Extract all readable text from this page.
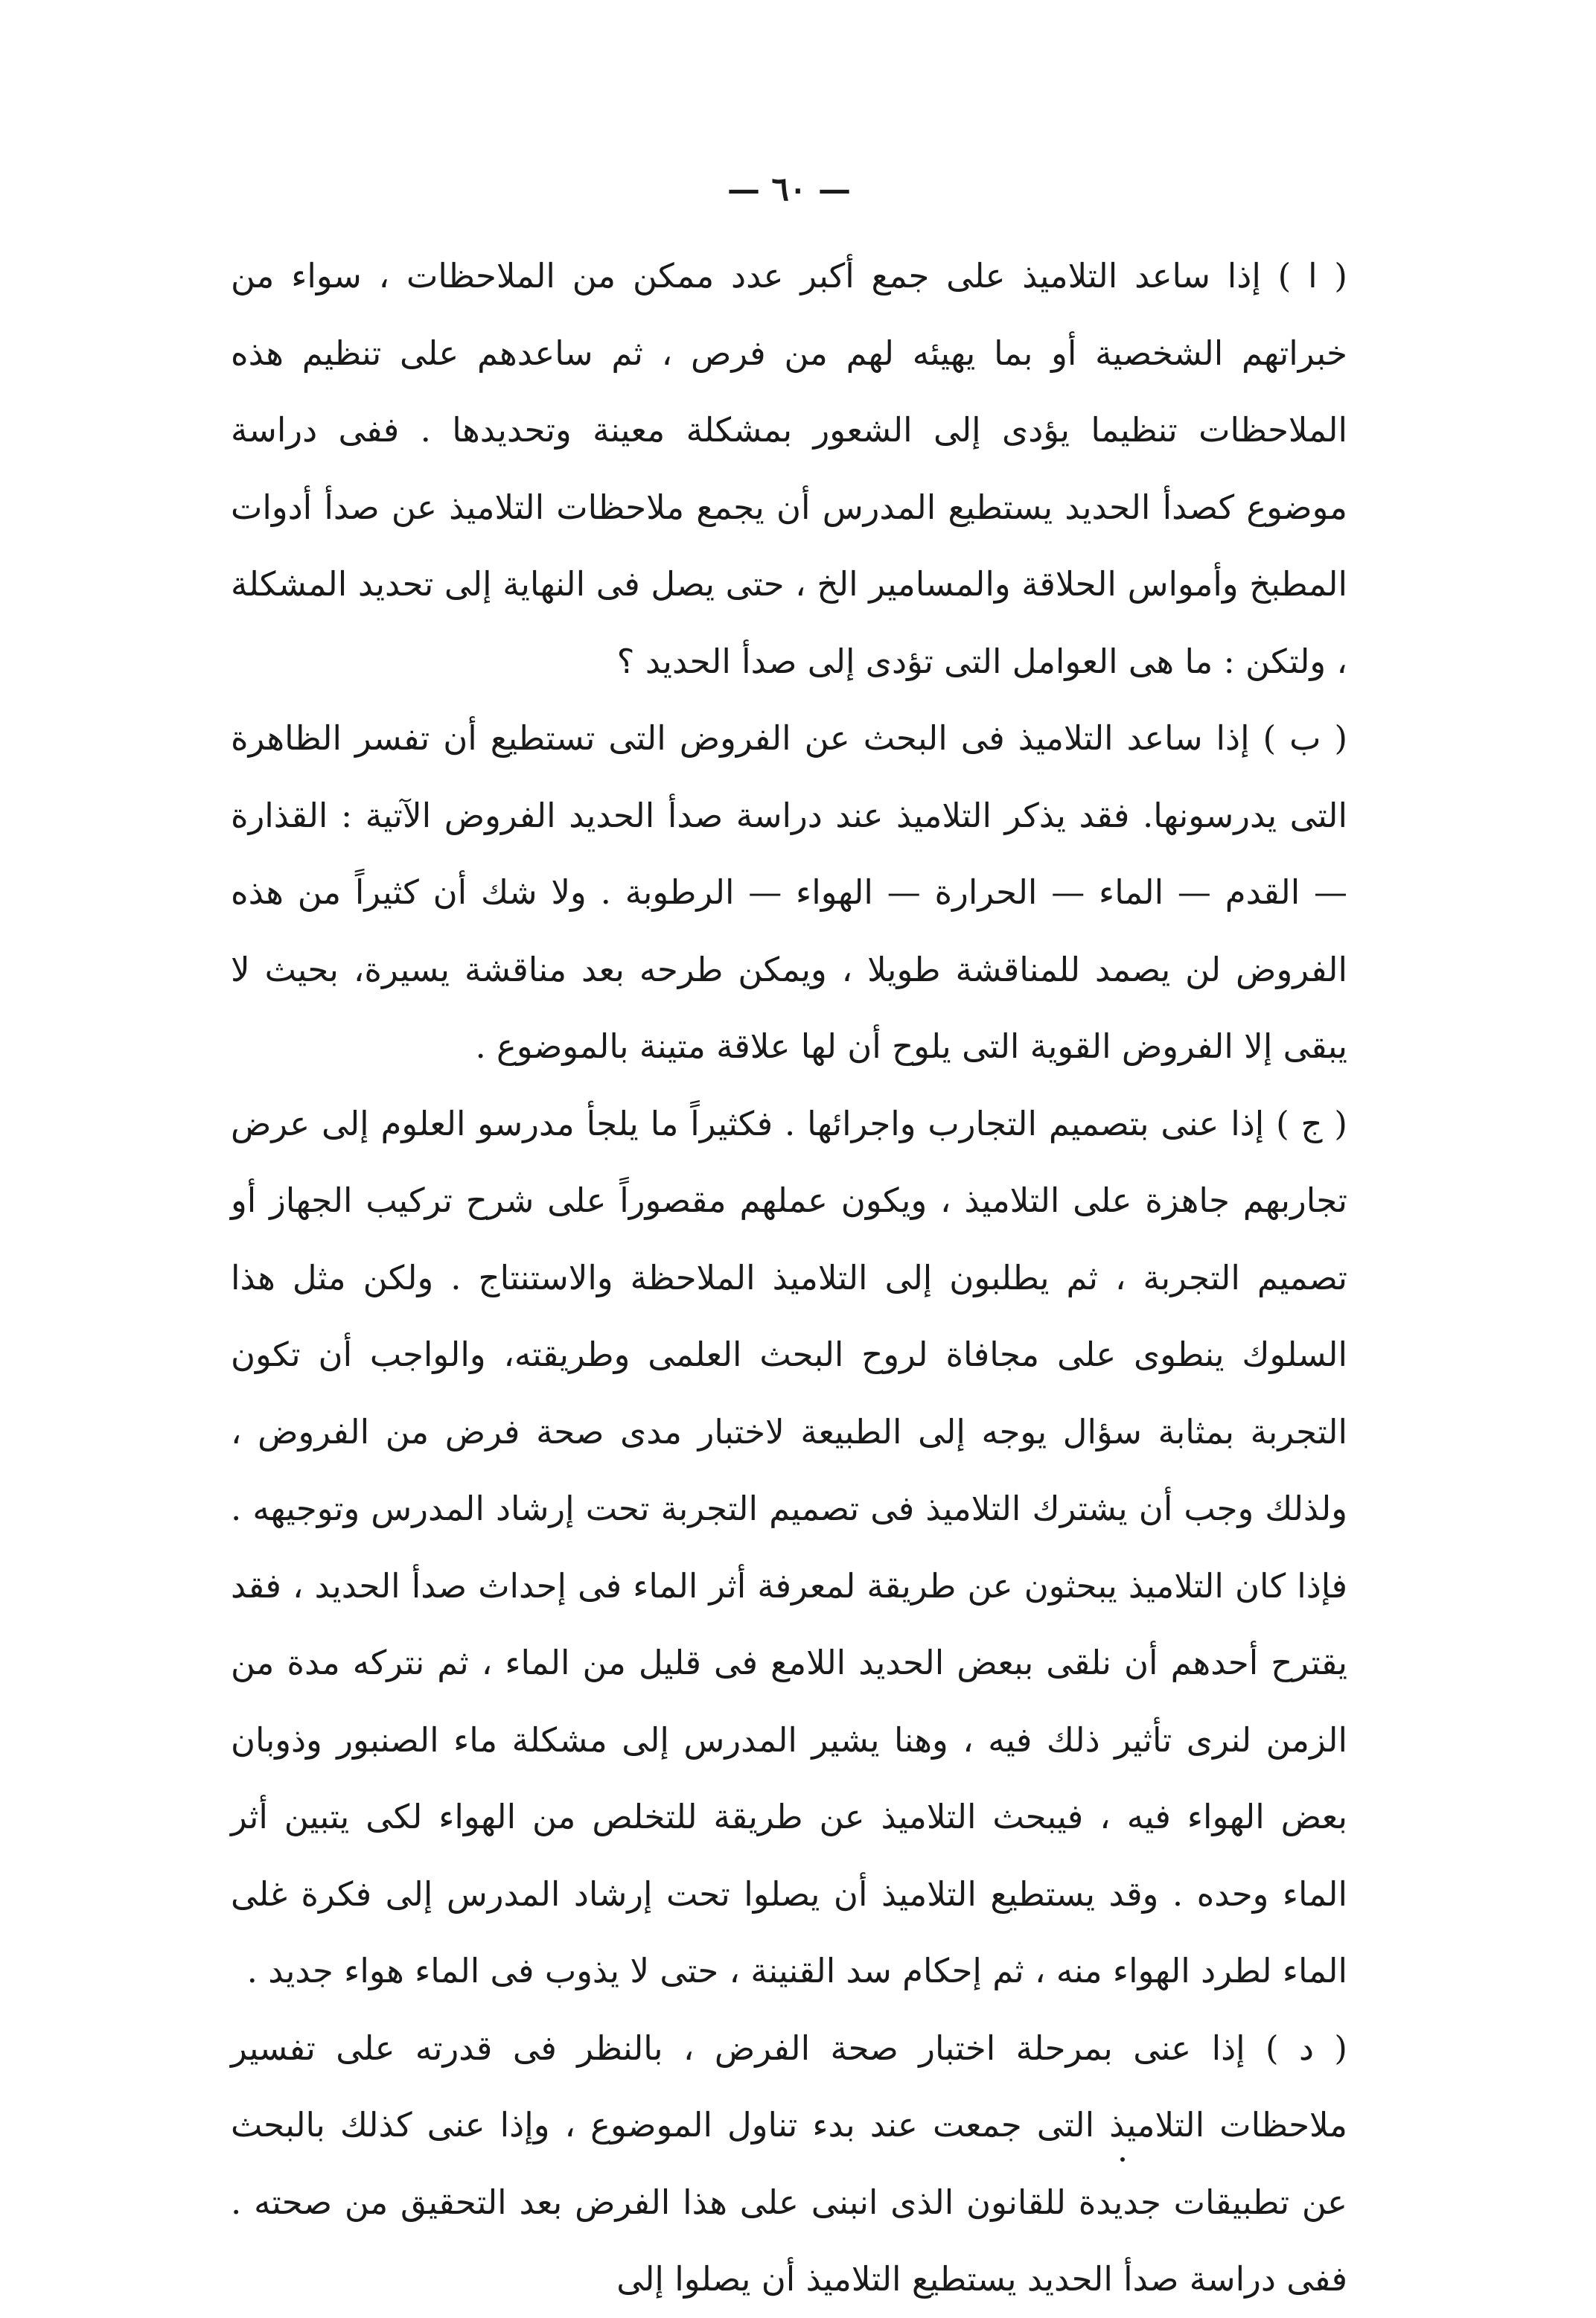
— ٦٠ —

( ا ) إذا ساعد التلاميذ على جمع أكبر عدد ممكن من الملاحظات ، سواء من خبراتهم الشخصية أو بما يهيئه لهم من فرص ، ثم ساعدهم على تنظيم هذه الملاحظات تنظيما يؤدى إلى الشعور بمشكلة معينة وتحديدها . ففى دراسة موضوع كصدأ الحديد يستطيع المدرس أن يجمع ملاحظات التلاميذ عن صدأ أدوات المطبخ وأمواس الحلاقة والمسامير الخ ، حتى يصل فى النهاية إلى تحديد المشكلة ، ولتكن : ما هى العوامل التى تؤدى إلى صدأ الحديد ؟

( ب ) إذا ساعد التلاميذ فى البحث عن الفروض التى تستطيع أن تفسر الظاهرة التى يدرسونها. فقد يذكر التلاميذ عند دراسة صدأ الحديد الفروض الآتية : القذارة — القدم — الماء — الحرارة — الهواء — الرطوبة . ولا شك أن كثيراً من هذه الفروض لن يصمد للمناقشة طويلا ، ويمكن طرحه بعد مناقشة يسيرة، بحيث لا يبقى إلا الفروض القوية التى يلوح أن لها علاقة متينة بالموضوع .

( ج ) إذا عنى بتصميم التجارب واجرائها . فكثيراً ما يلجأ مدرسو العلوم إلى عرض تجاربهم جاهزة على التلاميذ ، ويكون عملهم مقصوراً على شرح تركيب الجهاز أو تصميم التجربة ، ثم يطلبون إلى التلاميذ الملاحظة والاستنتاج . ولكن مثل هذا السلوك ينطوى على مجافاة لروح البحث العلمى وطريقته، والواجب أن تكون التجربة بمثابة سؤال يوجه إلى الطبيعة لاختبار مدى صحة فرض من الفروض ، ولذلك وجب أن يشترك التلاميذ فى تصميم التجربة تحت إرشاد المدرس وتوجيهه . فإذا كان التلاميذ يبحثون عن طريقة لمعرفة أثر الماء فى إحداث صدأ الحديد ، فقد يقترح أحدهم أن نلقى ببعض الحديد اللامع فى قليل من الماء ، ثم نتركه مدة من الزمن لنرى تأثير ذلك فيه ، وهنا يشير المدرس إلى مشكلة ماء الصنبور وذوبان بعض الهواء فيه ، فيبحث التلاميذ عن طريقة للتخلص من الهواء لكى يتبين أثر الماء وحده . وقد يستطيع التلاميذ أن يصلوا تحت إرشاد المدرس إلى فكرة غلى الماء لطرد الهواء منه ، ثم إحكام سد القنينة ، حتى لا يذوب فى الماء هواء جديد .

( د ) إذا عنى بمرحلة اختبار صحة الفرض ، بالنظر فى قدرته على تفسير ملاحظات التلاميذ التى جمعت عند بدء تناول الموضوع ، وإذا عنى كذلك بالبحث عن تطبيقات جديدة للقانون الذى انبنى على هذا الفرض بعد التحقيق من صحته . ففى دراسة صدأ الحديد يستطيع التلاميذ أن يصلوا إلى
